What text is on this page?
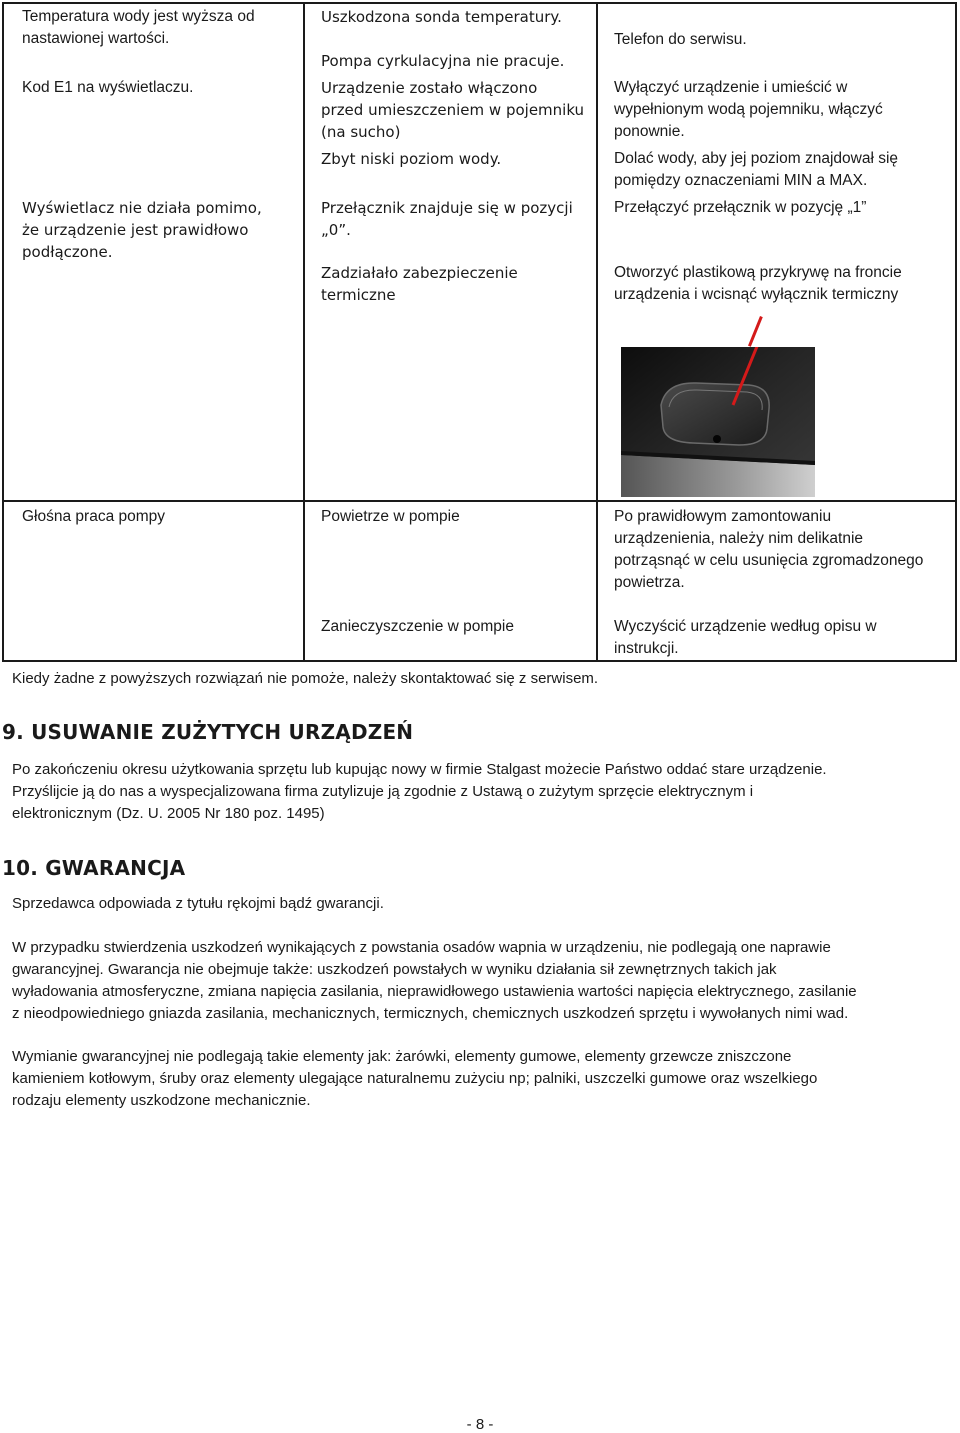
Temperatura wody jest wyższa od
nastawionej wartości.
Uszkodzona sonda temperatury.
Pompa cyrkulacyjna nie pracuje.
Telefon do serwisu.
Kod E1 na wyświetlaczu.	Urządzenie zostało włączono
przed umieszczeniem w pojemniku
(na sucho)
Zbyt niski poziom wody.
Wyłączyć urządzenie i umieścić w
wypełnionym wodą pojemniku, włączyć
ponownie.
Dolać wody, aby jej poziom znajdował się
pomiędzy oznaczeniami MIN a MAX.
Wyświetlacz nie działa pomimo,
że urządzenie jest prawidłowo
podłączone.
Przełącznik znajduje się w pozycji
„0”.
Zadziałało zabezpieczenie
termiczne
Przełączyć przełącznik w pozycję „1”
Otworzyć plastikową przykrywę na froncie
urządzenia i wcisnąć wyłącznik termiczny
Głośna praca pompy	Powietrze w pompie
Zanieczyszczenie w pompie
Po prawidłowym zamontowaniu
urządzenienia, należy nim delikatnie
potrząsnąć w celu usunięcia zgromadzonego
powietrza.
Wyczyścić urządzenie według opisu w
instrukcji.
Kiedy żadne z powyższych rozwiązań nie pomoże, należy skontaktować się z serwisem.
9. USUWANIE ZUŻYTYCH URZĄDZEŃ
Po zakończeniu okresu użytkowania sprzętu lub kupując nowy w firmie Stalgast możecie Państwo oddać stare urządzenie.
Przyślijcie ją do nas a wyspecjalizowana firma zutylizuje ją zgodnie z Ustawą o zużytym sprzęcie elektrycznym i
elektronicznym (Dz. U. 2005 Nr 180 poz. 1495)
10. GWARANCJA
Sprzedawca odpowiada z tytułu rękojmi bądź gwarancji.
W przypadku stwierdzenia uszkodzeń wynikających z powstania osadów wapnia w urządzeniu, nie podlegają one naprawie
gwarancyjnej. Gwarancja nie obejmuje także: uszkodzeń powstałych w wyniku działania sił zewnętrznych takich jak
wyładowania atmosferyczne, zmiana napięcia zasilania, nieprawidłowego ustawienia wartości napięcia elektrycznego, zasilanie
z nieodpowiedniego gniazda zasilania, mechanicznych, termicznych, chemicznych uszkodzeń sprzętu i wywołanych nimi wad.
Wymianie gwarancyjnej nie podlegają takie elementy jak: żarówki, elementy gumowe, elementy grzewcze zniszczone
kamieniem kotłowym, śruby oraz elementy ulegające naturalnemu zużyciu np; palniki, uszczelki gumowe oraz wszelkiego
rodzaju elementy uszkodzone mechanicznie.
- 8 -
